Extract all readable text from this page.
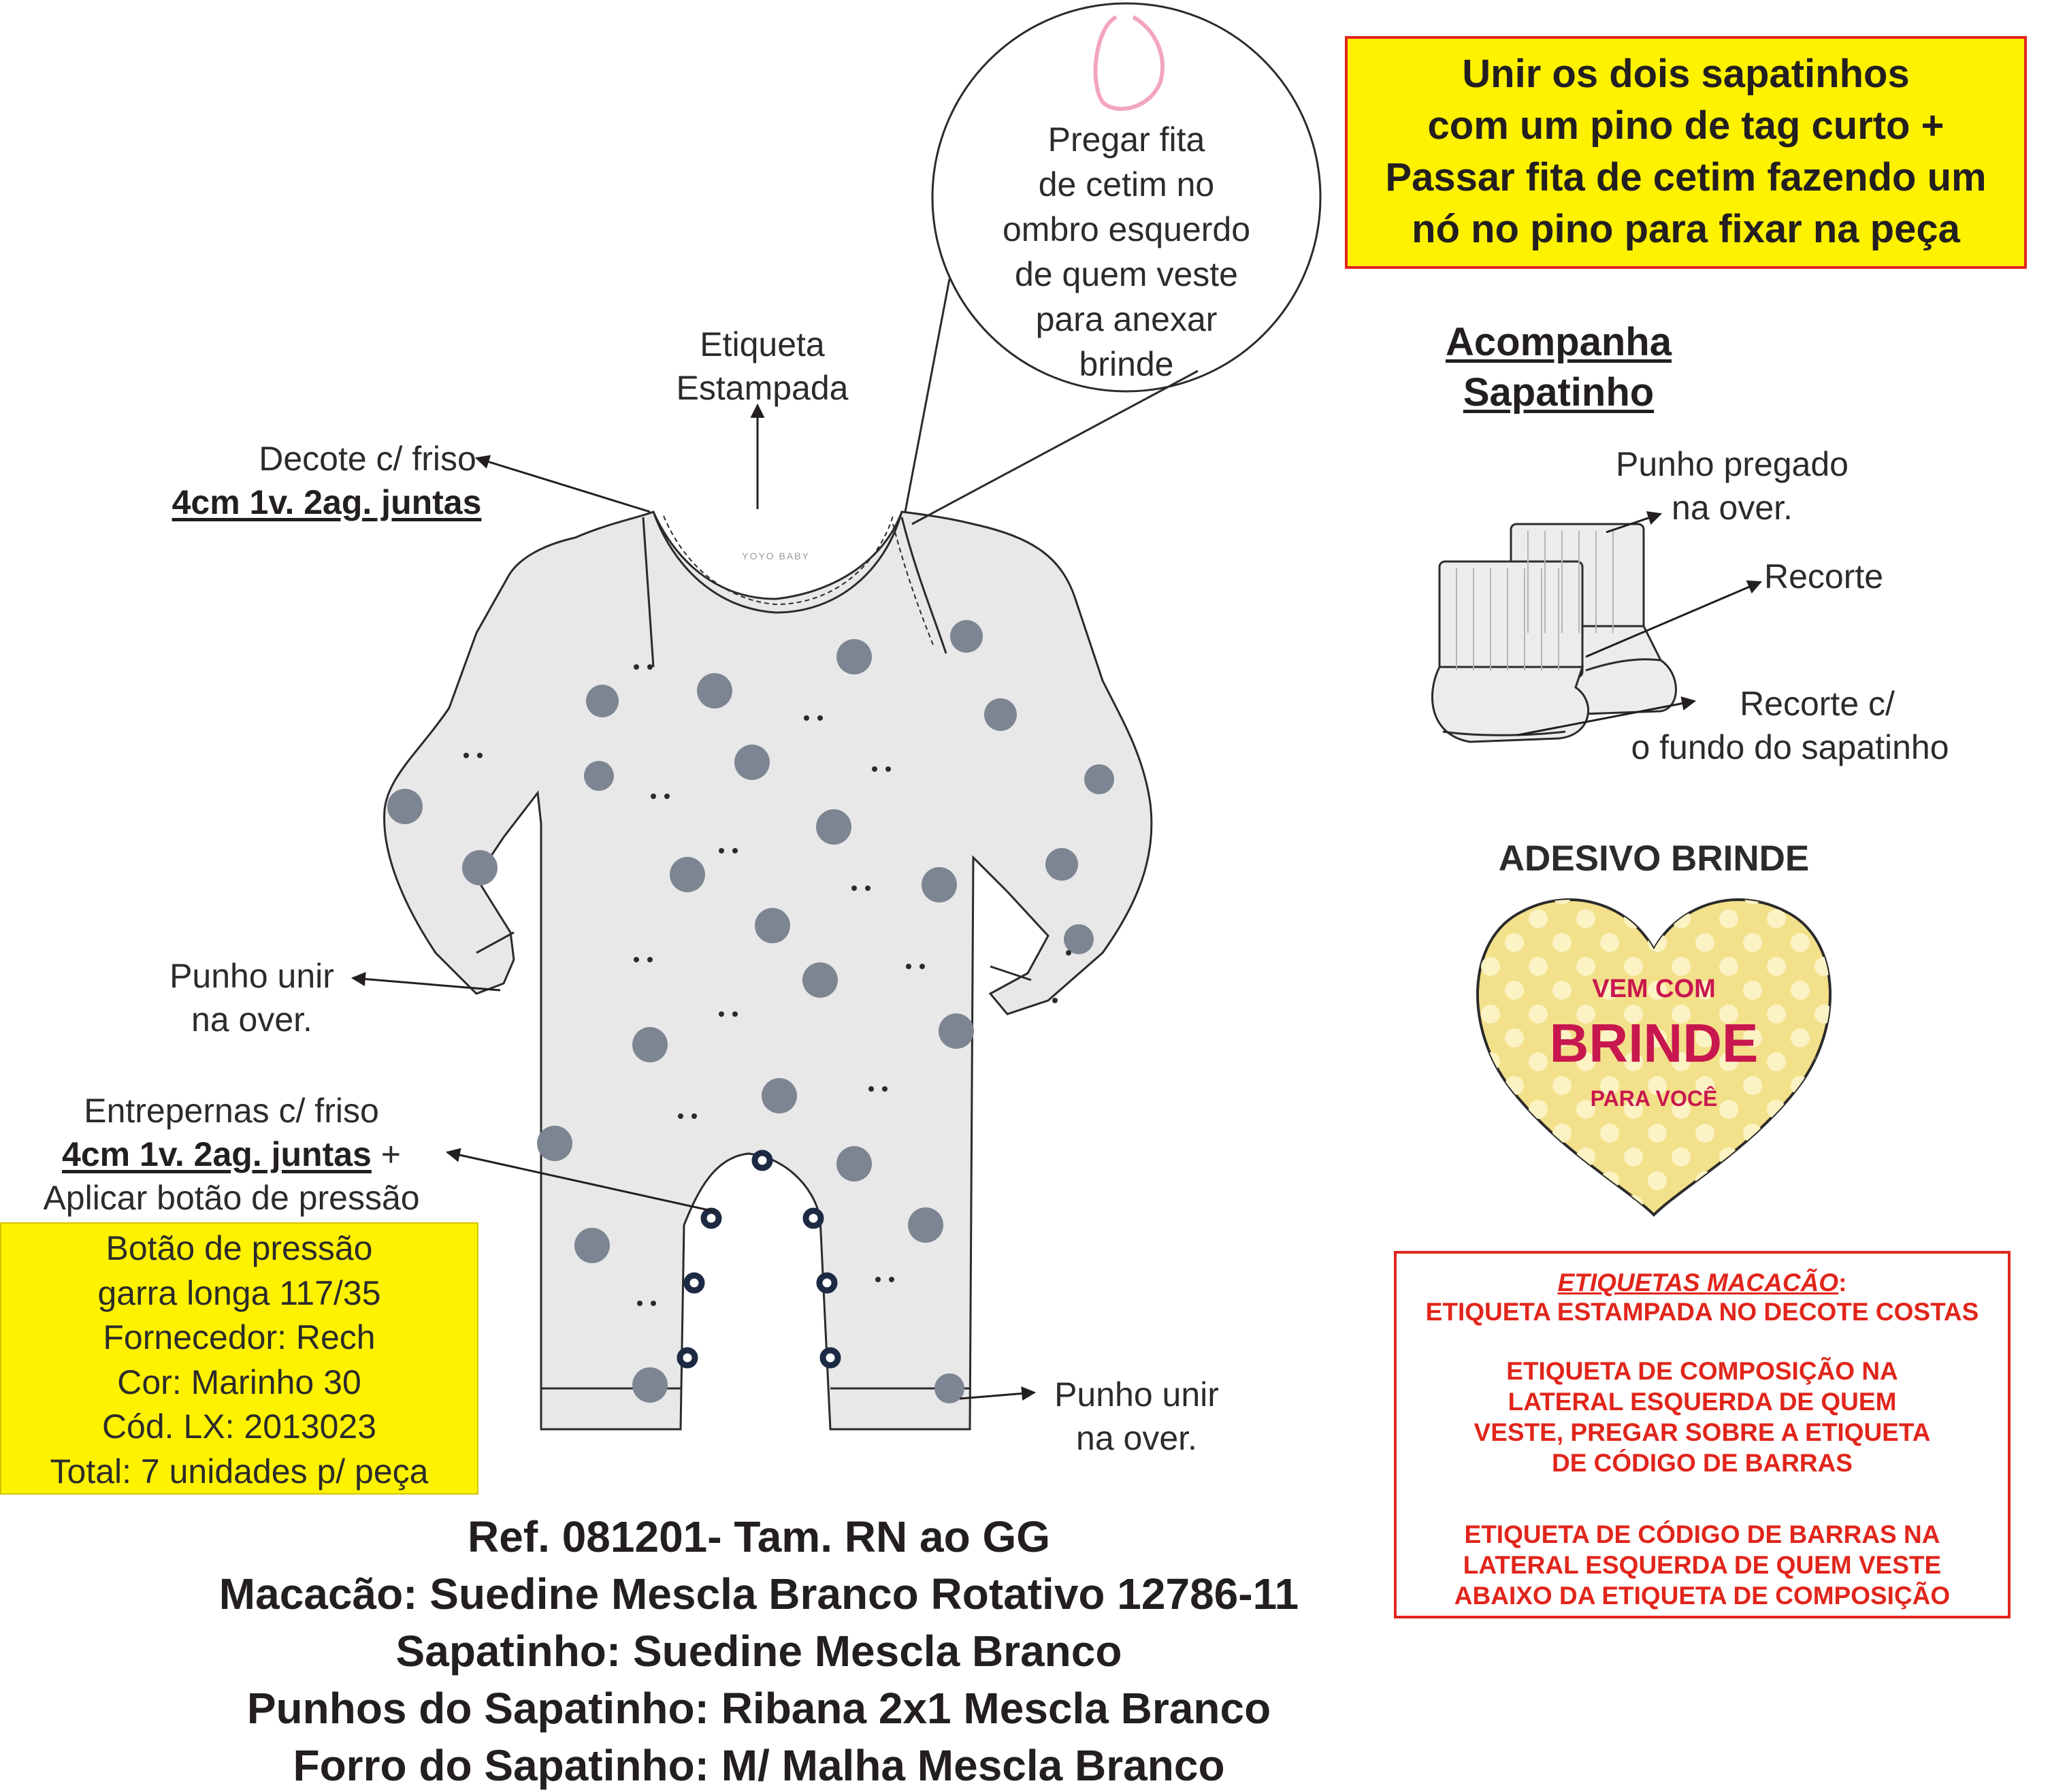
YOYO BABY
VEM COM
BRINDE
PARA VOCÊ
Unir os dois sapatinhos
com um pino de tag curto +
Passar fita de cetim fazendo um
nó no pino para fixar na peça
Pregar fita
de cetim no
ombro esquerdo
de quem veste
para anexar
brinde
Etiqueta
Estampada
Decote c/ friso
4cm 1v. 2ag. juntas
Punho unir
na over.
Entrepernas c/ friso
4cm 1v. 2ag. juntas +
Aplicar botão de pressão
Botão de pressão
garra longa 117/35
Fornecedor: Rech
Cor: Marinho 30
Cód. LX: 2013023
Total: 7 unidades p/ peça
Punho unir
na over.
Acompanha
Sapatinho
Punho pregado
na over.
Recorte
Recorte c/
o fundo do sapatinho
ADESIVO BRINDE
ETIQUETAS MACACÃO:
ETIQUETA ESTAMPADA NO DECOTE COSTAS
ETIQUETA DE COMPOSIÇÃO NA
LATERAL ESQUERDA DE QUEM
VESTE, PREGAR SOBRE A ETIQUETA
DE CÓDIGO DE BARRAS
ETIQUETA DE CÓDIGO DE BARRAS NA
LATERAL ESQUERDA DE QUEM VESTE
ABAIXO DA ETIQUETA DE COMPOSIÇÃO
Ref. 081201- Tam. RN ao GG
Macacão: Suedine Mescla Branco Rotativo 12786-11
Sapatinho: Suedine Mescla Branco
Punhos do Sapatinho: Ribana 2x1 Mescla Branco
Forro do Sapatinho: M/ Malha Mescla Branco
